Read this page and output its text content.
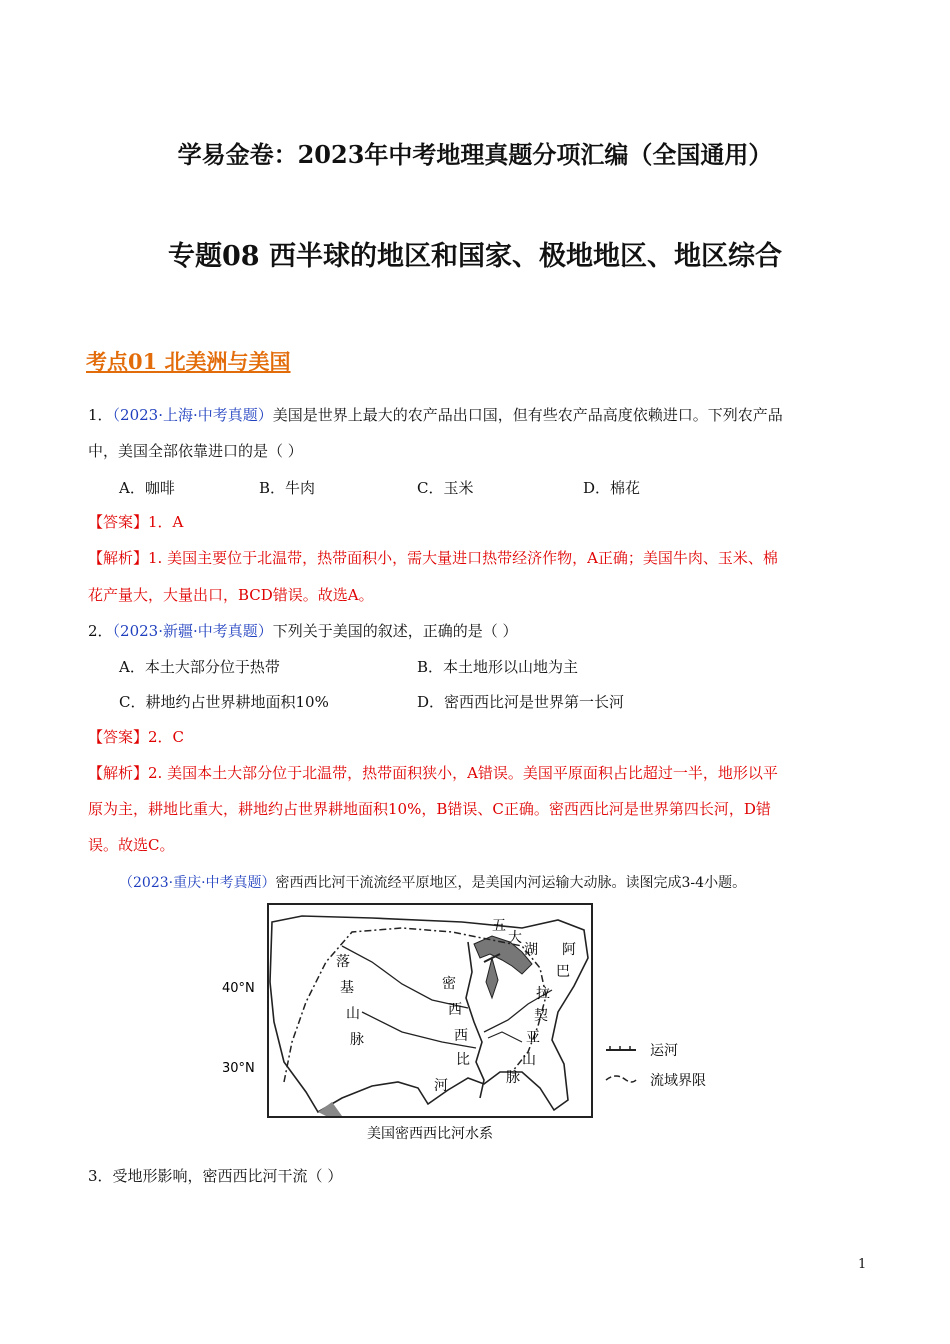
学易金卷：2023年中考地理真题分项汇编（全国通用）
专题08 西半球的地区和国家、极地地区、地区综合
考点01 北美洲与美国
1．（2023·上海·中考真题）美国是世界上最大的农产品出口国，但有些农产品高度依赖进口。下列农产品
中，美国全部依靠进口的是（ ）
A．咖啡	B．牛肉	C．玉米	D．棉花
【答案】1．A
【解析】1. 美国主要位于北温带，热带面积小，需大量进口热带经济作物，A正确；美国牛肉、玉米、棉
花产量大，大量出口，BCD错误。故选A。
2．（2023·新疆·中考真题）下列关于美国的叙述，正确的是（ ）
A．本土大部分位于热带	B．本土地形以山地为主
C．耕地约占世界耕地面积10%	D．密西西比河是世界第一长河
【答案】2．C
【解析】2. 美国本土大部分位于北温带，热带面积狭小，A错误。美国平原面积占比超过一半，地形以平
原为主，耕地比重大，耕地约占世界耕地面积10%，B错误、C正确。密西西比河是世界第四长河，D错
误。故选C。
（2023·重庆·中考真题）密西西比河干流流经平原地区，是美国内河运输大动脉。读图完成3-4小题。
落
基
山
脉
密
西
西
比
河
五
大
湖 阿
巴
拉
契
亚
山
脉
40°N
30°N
运河
流域界限
美国密西西比河水系
3．受地形影响，密西西比河干流（ ）
1
